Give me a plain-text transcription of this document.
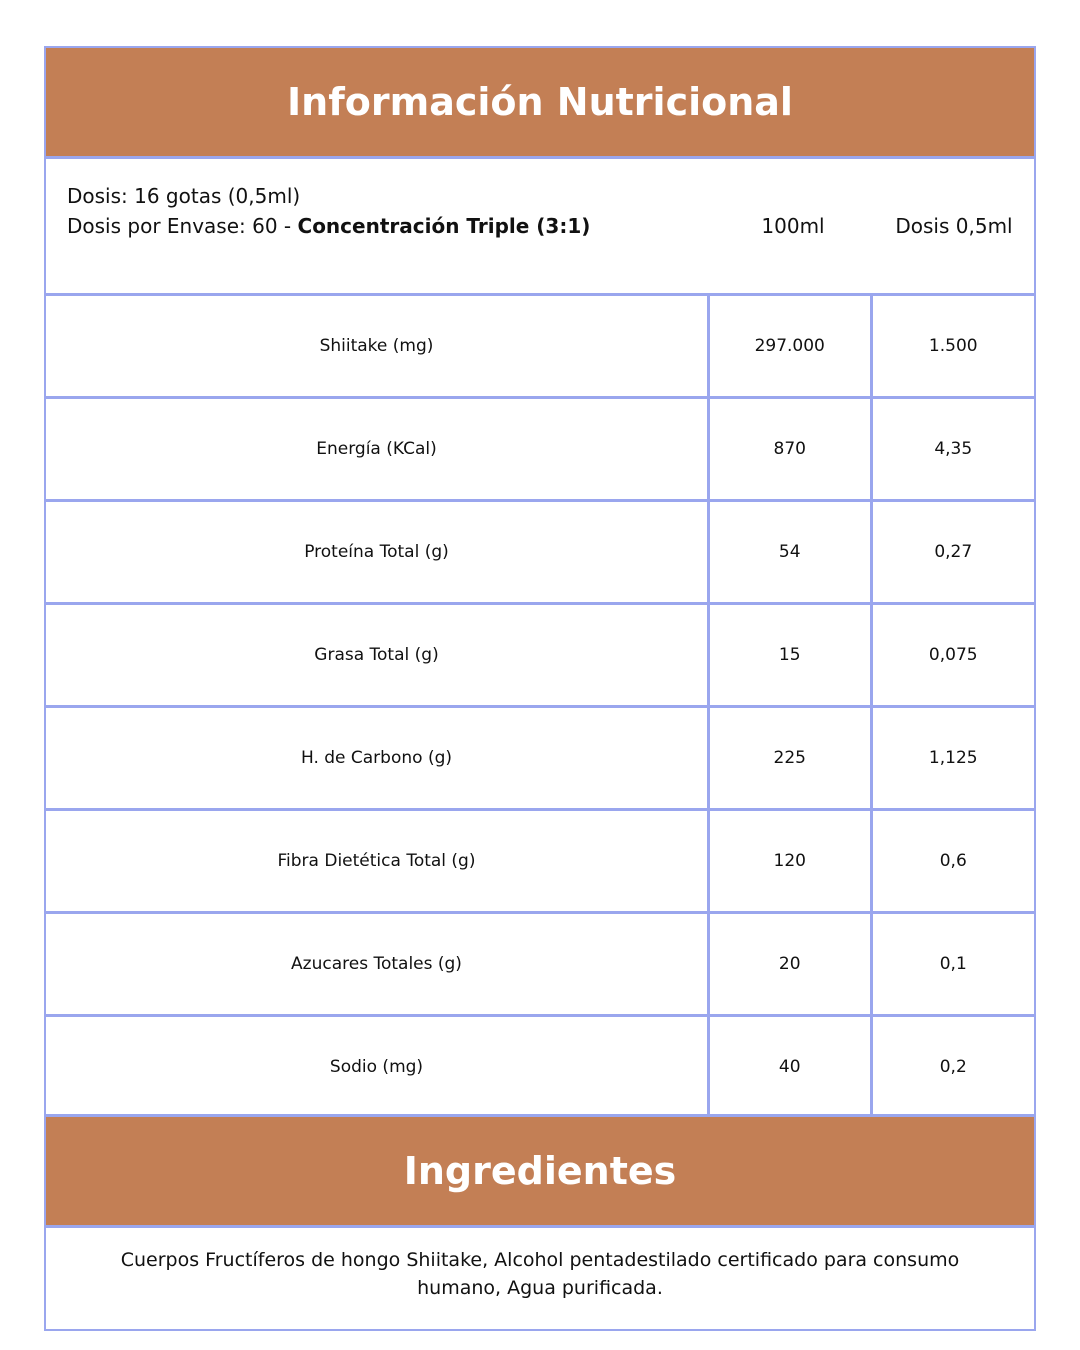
Información Nutricional
Dosis: 16 gotas (0,5ml)
Dosis por Envase: 60 - Concentración Triple (3:1)	100ml	Dosis 0,5ml
Shiitake (mg)	297.000	1.500
Energía (KCal)	870	4,35
Proteína Total (g)	54	0,27
Grasa Total (g)	15	0,075
H. de Carbono (g)	225	1,125
Fibra Dietética Total (g)	120	0,6
Azucares Totales (g)	20	0,1
Sodio (mg)	40	0,2
Ingredientes
Cuerpos Fructíferos de hongo Shiitake, Alcohol pentadestilado certificado para consumo humano, Agua purificada.
